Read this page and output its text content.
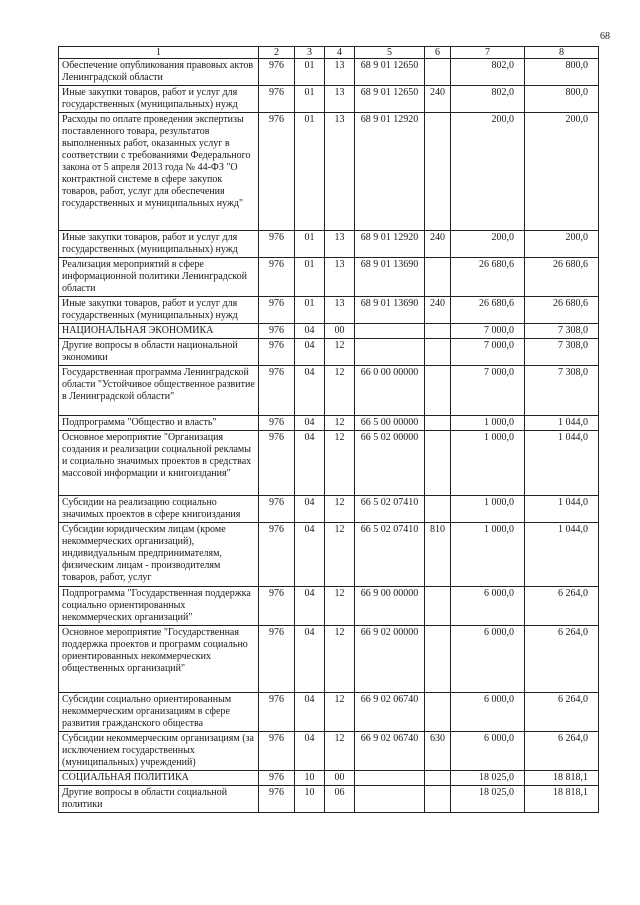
68
1	2	3	4	5	6	7	8
Обеспечение опубликования правовых актов Ленинградской области	976	01	13	68 9 01 12650		802,0	800,0
Иные закупки товаров, работ и услуг для государственных (муниципальных) нужд	976	01	13	68 9 01 12650	240	802,0	800,0
Расходы по оплате проведения экспертизы поставленного товара, результатов выполненных работ, оказанных услуг в соответствии с требованиями Федерального закона от 5 апреля 2013 года № 44-ФЗ "О контрактной системе в сфере закупок товаров, работ, услуг для обеспечения государственных и муниципальных нужд"	976	01	13	68 9 01 12920		200,0	200,0
Иные закупки товаров, работ и услуг для государственных (муниципальных) нужд	976	01	13	68 9 01 12920	240	200,0	200,0
Реализация мероприятий в сфере информационной политики Ленинградской области	976	01	13	68 9 01 13690		26 680,6	26 680,6
Иные закупки товаров, работ и услуг для государственных (муниципальных) нужд	976	01	13	68 9 01 13690	240	26 680,6	26 680,6
НАЦИОНАЛЬНАЯ ЭКОНОМИКА	976	04	00			7 000,0	7 308,0
Другие вопросы в области национальной экономики	976	04	12			7 000,0	7 308,0
Государственная программа Ленинградской области "Устойчивое общественное развитие в Ленинградской области"	976	04	12	66 0 00 00000		7 000,0	7 308,0
Подпрограмма "Общество и власть"	976	04	12	66 5 00 00000		1 000,0	1 044,0
Основное мероприятие "Организация создания и реализации социальной рекламы и социально значимых проектов в средствах массовой информации и книгоиздания"	976	04	12	66 5 02 00000		1 000,0	1 044,0
Субсидии на реализацию социально значимых проектов в сфере книгоиздания	976	04	12	66 5 02 07410		1 000,0	1 044,0
Субсидии юридическим лицам (кроме некоммерческих организаций), индивидуальным предпринимателям, физическим лицам - производителям товаров, работ, услуг	976	04	12	66 5 02 07410	810	1 000,0	1 044,0
Подпрограмма "Государственная поддержка социально ориентированных некоммерческих организаций"	976	04	12	66 9 00 00000		6 000,0	6 264,0
Основное мероприятие "Государственная поддержка проектов и программ социально ориентированных некоммерческих общественных организаций"	976	04	12	66 9 02 00000		6 000,0	6 264,0
Субсидии социально ориентированным некоммерческим организациям в сфере развития гражданского общества	976	04	12	66 9 02 06740		6 000,0	6 264,0
Субсидии некоммерческим организациям (за исключением государственных (муниципальных) учреждений)	976	04	12	66 9 02 06740	630	6 000,0	6 264,0
СОЦИАЛЬНАЯ ПОЛИТИКА	976	10	00			18 025,0	18 818,1
Другие вопросы в области социальной политики	976	10	06			18 025,0	18 818,1
